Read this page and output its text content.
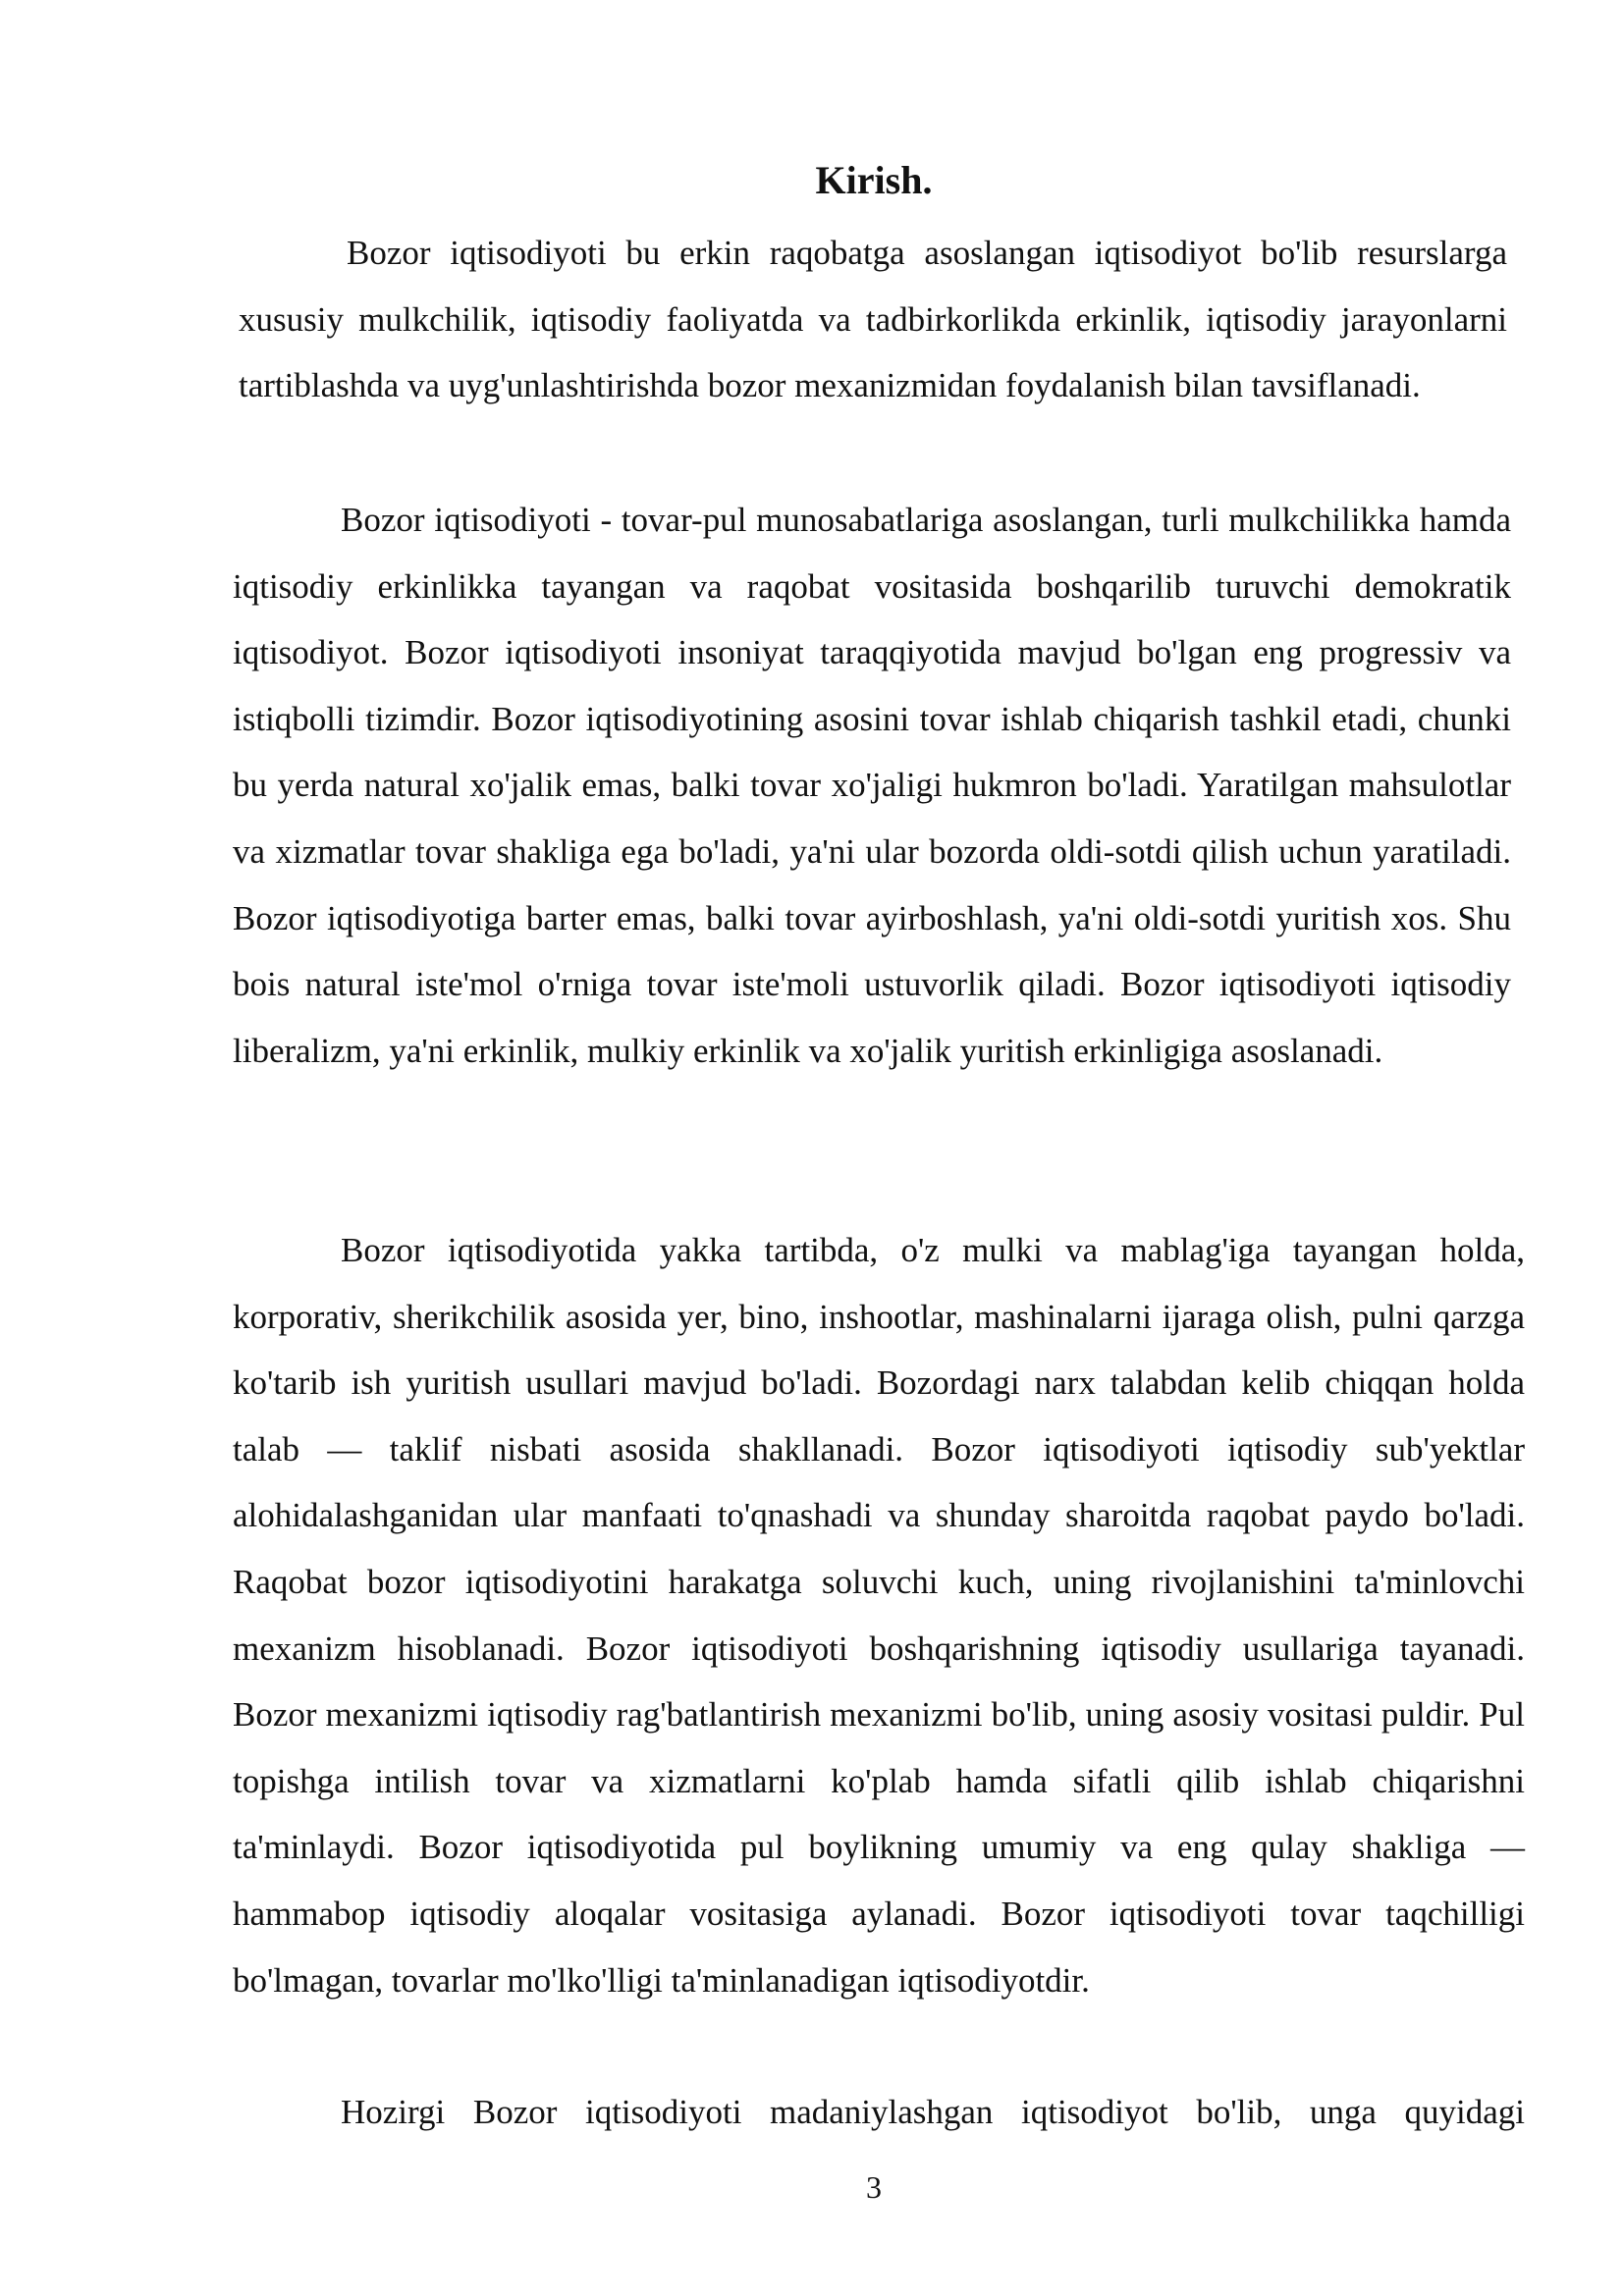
Kirish.

Bozor iqtisodiyoti bu erkin raqobatga asoslangan iqtisodiyot bo'lib resurslarga xususiy mulkchilik, iqtisodiy faoliyatda va tadbirkorlikda erkinlik, iqtisodiy jarayonlarni tartiblashda va uyg'unlashtirishda bozor mexanizmidan foydalanish bilan tavsiflanadi.

Bozor iqtisodiyoti - tovar-pul munosabatlariga asoslangan, turli mulkchilikka hamda iqtisodiy erkinlikka tayangan va raqobat vositasida boshqarilib turuvchi demokratik iqtisodiyot. Bozor iqtisodiyoti insoniyat taraqqiyotida mavjud bo'lgan eng progressiv va istiqbolli tizimdir. Bozor iqtisodiyotining asosini tovar ishlab chiqarish tashkil etadi, chunki bu yerda natural xo'jalik emas, balki tovar xo'jaligi hukmron bo'ladi. Yaratilgan mahsulotlar va xizmatlar tovar shakliga ega bo'ladi, ya'ni ular bozorda oldi-sotdi qilish uchun yaratiladi. Bozor iqtisodiyotiga barter emas, balki tovar ayirboshlash, ya'ni oldi-sotdi yuritish xos. Shu bois natural iste'mol o'rniga tovar iste'moli ustuvorlik qiladi. Bozor iqtisodiyoti iqtisodiy liberalizm, ya'ni erkinlik, mulkiy erkinlik va xo'jalik yuritish erkinligiga asoslanadi.

Bozor iqtisodiyotida yakka tartibda, o'z mulki va mablag'iga tayangan holda, korporativ, sherikchilik asosida yer, bino, inshootlar, mashinalarni ijaraga olish, pulni qarzga ko'tarib ish yuritish usullari mavjud bo'ladi. Bozordagi narx talabdan kelib chiqqan holda talab — taklif nisbati asosida shakllanadi. Bozor iqtisodiyoti iqtisodiy sub'yektlar alohidalashganidan ular manfaati to'qnashadi va shunday sharoitda raqobat paydo bo'ladi. Raqobat bozor iqtisodiyotini harakatga soluvchi kuch, uning rivojlanishini ta'minlovchi mexanizm hisoblanadi. Bozor iqtisodiyoti boshqarishning iqtisodiy usullariga tayanadi. Bozor mexanizmi iqtisodiy rag'batlantirish mexanizmi bo'lib, uning asosiy vositasi puldir. Pul topishga intilish tovar va xizmatlarni ko'plab hamda sifatli qilib ishlab chiqarishni ta'minlaydi. Bozor iqtisodiyotida pul boylikning umumiy va eng qulay shakliga — hammabop iqtisodiy aloqalar vositasiga aylanadi. Bozor iqtisodiyoti tovar taqchilligi bo'lmagan, tovarlar mo'lko'lligi ta'minlanadigan iqtisodiyotdir.

Hozirgi Bozor iqtisodiyoti madaniylashgan iqtisodiyot bo'lib, unga quyidagi

3
